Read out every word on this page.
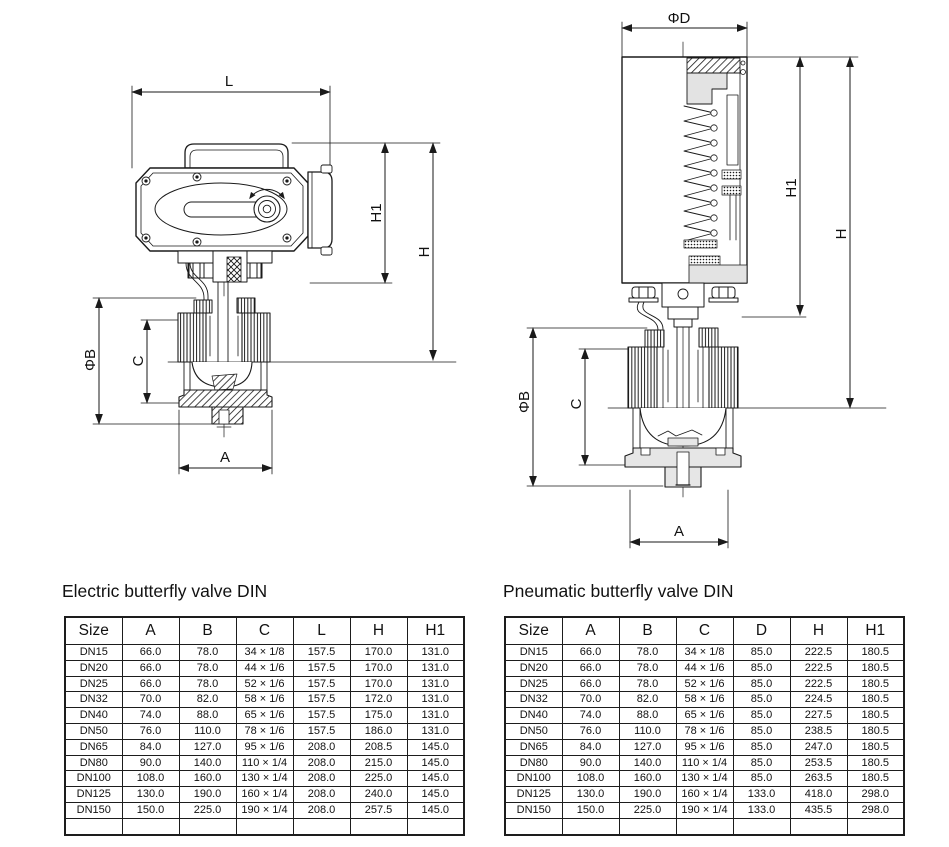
L
H1
H
ΦB C
A
ΦD
H1
H
ΦB C
A
Electric butterfly valve DIN
Size	A	B	C	L	H	H1
DN15	66.0	78.0	34 × 1/8	157.5	170.0	131.0
DN20	66.0	78.0	44 × 1/6	157.5	170.0	131.0
DN25	66.0	78.0	52 × 1/6	157.5	170.0	131.0
DN32	70.0	82.0	58 × 1/6	157.5	172.0	131.0
DN40	74.0	88.0	65 × 1/6	157.5	175.0	131.0
DN50	76.0	110.0	78 × 1/6	157.5	186.0	131.0
DN65	84.0	127.0	95 × 1/6	208.0	208.5	145.0
DN80	90.0	140.0	110 × 1/4	208.0	215.0	145.0
DN100	108.0	160.0	130 × 1/4	208.0	225.0	145.0
DN125	130.0	190.0	160 × 1/4	208.0	240.0	145.0
DN150	150.0	225.0	190 × 1/4	208.0	257.5	145.0

Pneumatic butterfly valve DIN
Size	A	B	C	D	H	H1
DN15	66.0	78.0	34 × 1/8	85.0	222.5	180.5
DN20	66.0	78.0	44 × 1/6	85.0	222.5	180.5
DN25	66.0	78.0	52 × 1/6	85.0	222.5	180.5
DN32	70.0	82.0	58 × 1/6	85.0	224.5	180.5
DN40	74.0	88.0	65 × 1/6	85.0	227.5	180.5
DN50	76.0	110.0	78 × 1/6	85.0	238.5	180.5
DN65	84.0	127.0	95 × 1/6	85.0	247.0	180.5
DN80	90.0	140.0	110 × 1/4	85.0	253.5	180.5
DN100	108.0	160.0	130 × 1/4	85.0	263.5	180.5
DN125	130.0	190.0	160 × 1/4	133.0	418.0	298.0
DN150	150.0	225.0	190 × 1/4	133.0	435.5	298.0
